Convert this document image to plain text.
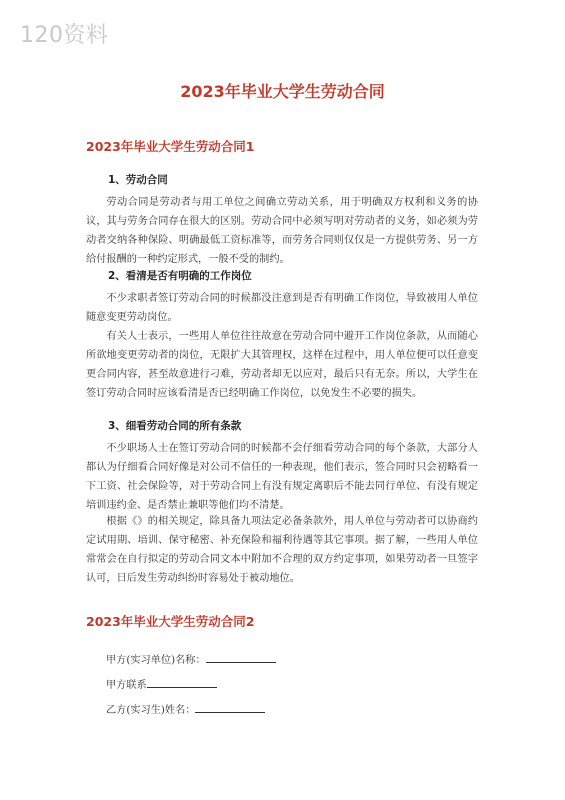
120资料
2023年毕业大学生劳动合同
2023年毕业大学生劳动合同1
1、劳动合同

劳动合同是劳动者与用工单位之间确立劳动关系，用于明确双方权利和义务的协议，其与劳务合同存在很大的区别。劳动合同中必须写明对劳动者的义务，如必须为劳动者交纳各种保险、明确最低工资标准等，而劳务合同则仅仅是一方提供劳务、另一方给付报酬的一种约定形式，一般不受的制约。

2、看清是否有明确的工作岗位

不少求职者签订劳动合同的时候都没注意到是否有明确工作岗位，导致被用人单位随意变更劳动岗位。

有关人士表示，一些用人单位往往故意在劳动合同中避开工作岗位条款，从而随心所欲地变更劳动者的岗位，无限扩大其管理权，这样在过程中，用人单位便可以任意变更合同内容，甚至故意进行刁难，劳动者却无以应对，最后只有无奈。所以，大学生在签订劳动合同时应该看清是否已经明确工作岗位，以免发生不必要的损失。

3、细看劳动合同的所有条款

不少职场人士在签订劳动合同的时候都不会仔细看劳动合同的每个条款，大部分人都认为仔细看合同好像是对公司不信任的一种表现，他们表示，签合同时只会初略看一下工资、社会保险等，对于劳动合同上有没有规定离职后不能去同行单位、有没有规定培训违约金、是否禁止兼职等他们均不清楚。

根据《》的相关规定，除具备九项法定必备条款外，用人单位与劳动者可以协商约定试用期、培训、保守秘密、补充保险和福利待遇等其它事项。据了解，一些用人单位常常会在自行拟定的劳动合同文本中附加不合理的双方约定事项，如果劳动者一旦签字认可，日后发生劳动纠纷时容易处于被动地位。

2023年毕业大学生劳动合同2
甲方(实习单位)名称：
甲方联系
乙方(实习生)姓名：
